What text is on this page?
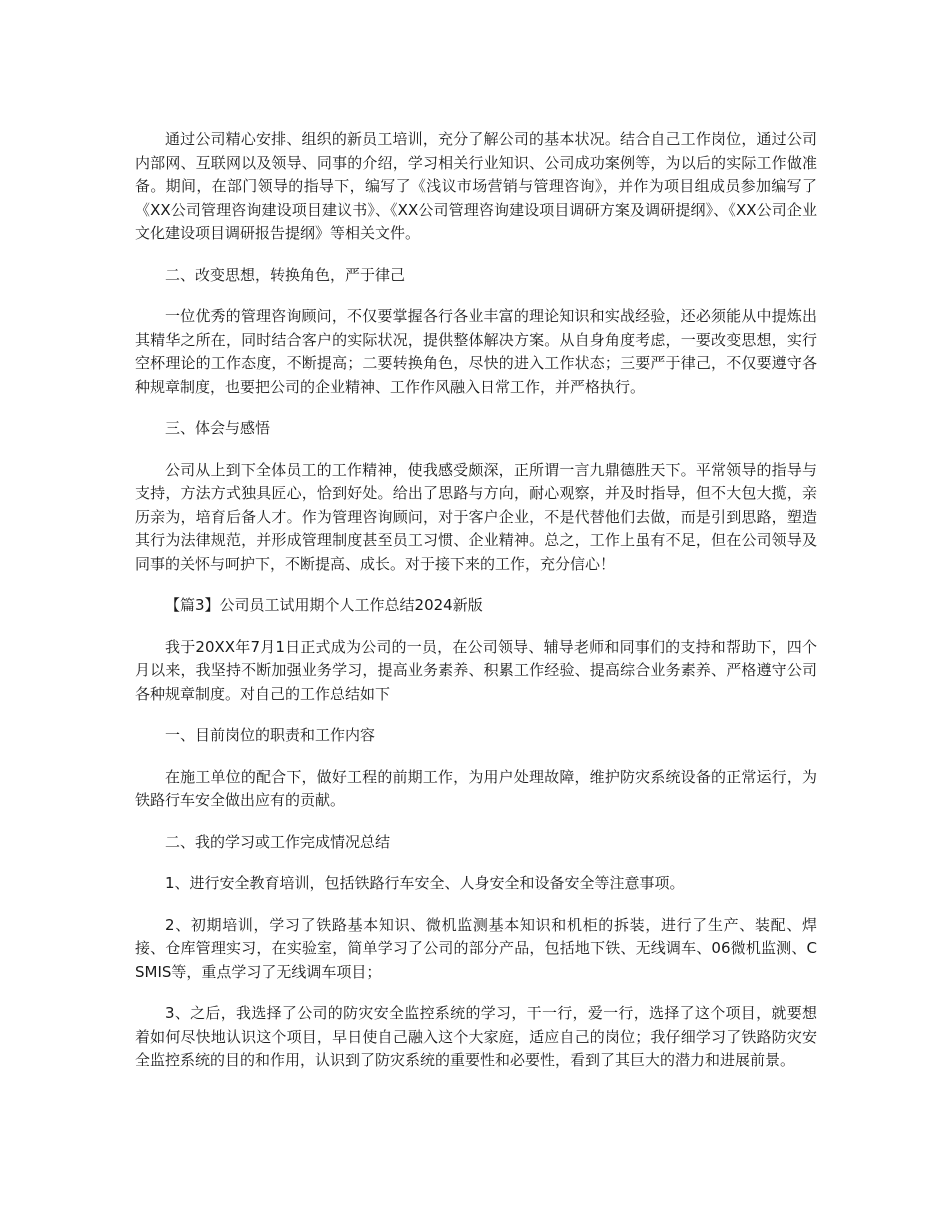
通过公司精心安排、组织的新员工培训，充分了解公司的基本状况。结合自己工作岗位，通过公司内部网、互联网以及领导、同事的介绍，学习相关行业知识、公司成功案例等，为以后的实际工作做准备。期间，在部门领导的指导下，编写了《浅议市场营销与管理咨询》，并作为项目组成员参加编写了《XX公司管理咨询建设项目建议书》、《XX公司管理咨询建设项目调研方案及调研提纲》、《XX公司企业文化建设项目调研报告提纲》等相关文件。

二、改变思想，转换角色，严于律己

一位优秀的管理咨询顾问，不仅要掌握各行各业丰富的理论知识和实战经验，还必须能从中提炼出其精华之所在，同时结合客户的实际状况，提供整体解决方案。从自身角度考虑，一要改变思想，实行空杯理论的工作态度，不断提高；二要转换角色，尽快的进入工作状态；三要严于律己，不仅要遵守各种规章制度，也要把公司的企业精神、工作作风融入日常工作，并严格执行。

三、体会与感悟

公司从上到下全体员工的工作精神，使我感受颇深，正所谓一言九鼎德胜天下。平常领导的指导与支持，方法方式独具匠心，恰到好处。给出了思路与方向，耐心观察，并及时指导，但不大包大揽，亲历亲为，培育后备人才。作为管理咨询顾问，对于客户企业，不是代替他们去做，而是引到思路，塑造其行为法律规范，并形成管理制度甚至员工习惯、企业精神。总之，工作上虽有不足，但在公司领导及同事的关怀与呵护下，不断提高、成长。对于接下来的工作，充分信心！

【篇3】公司员工试用期个人工作总结2024新版

我于20XX年7月1日正式成为公司的一员，在公司领导、辅导老师和同事们的支持和帮助下，四个月以来，我坚持不断加强业务学习，提高业务素养、积累工作经验、提高综合业务素养、严格遵守公司各种规章制度。对自己的工作总结如下

一、目前岗位的职责和工作内容

在施工单位的配合下，做好工程的前期工作，为用户处理故障，维护防灾系统设备的正常运行，为铁路行车安全做出应有的贡献。

二、我的学习或工作完成情况总结

1、进行安全教育培训，包括铁路行车安全、人身安全和设备安全等注意事项。

2、初期培训，学习了铁路基本知识、微机监测基本知识和机柜的拆装，进行了生产、装配、焊接、仓库管理实习，在实验室，简单学习了公司的部分产品，包括地下铁、无线调车、06微机监测、CSMIS等，重点学习了无线调车项目；

3、之后，我选择了公司的防灾安全监控系统的学习，干一行，爱一行，选择了这个项目，就要想着如何尽快地认识这个项目，早日使自己融入这个大家庭，适应自己的岗位；我仔细学习了铁路防灾安全监控系统的目的和作用，认识到了防灾系统的重要性和必要性，看到了其巨大的潜力和进展前景。
